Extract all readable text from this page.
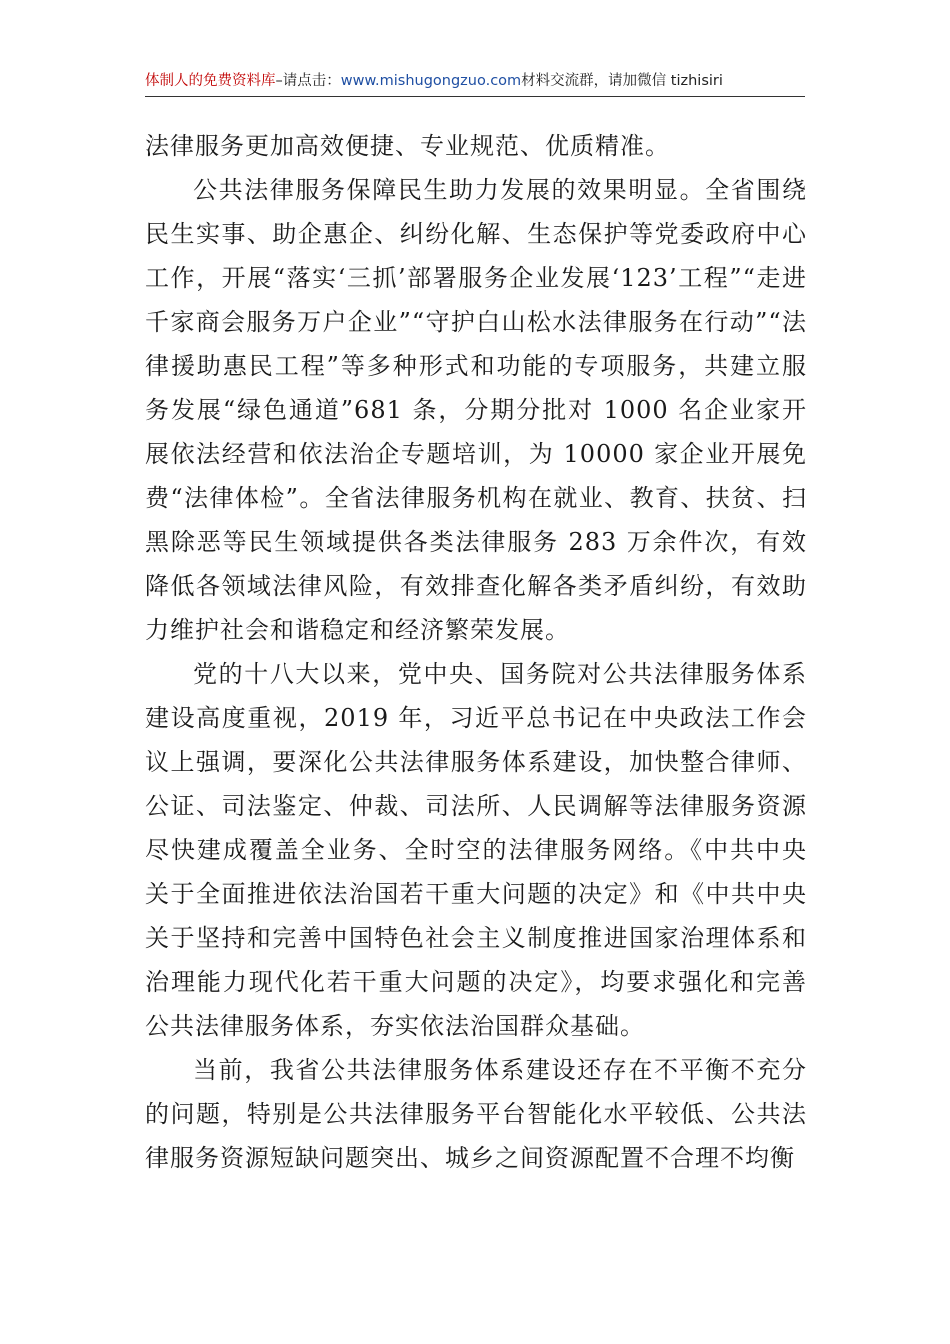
体制人的免费资料库–请点击：www.mishugongzuo.com材料交流群，请加微信 tizhisiri

法律服务更加高效便捷、专业规范、优质精准。

公共法律服务保障民生助力发展的效果明显。全省围绕民生实事、助企惠企、纠纷化解、生态保护等党委政府中心工作，开展“落实‘三抓’部署服务企业发展‘123’工程”“走进千家商会服务万户企业”“守护白山松水法律服务在行动”“法律援助惠民工程”等多种形式和功能的专项服务，共建立服务发展“绿色通道”681 条，分期分批对 1000 名企业家开展依法经营和依法治企专题培训，为 10000 家企业开展免费“法律体检”。全省法律服务机构在就业、教育、扶贫、扫黑除恶等民生领域提供各类法律服务 283 万余件次，有效降低各领域法律风险，有效排查化解各类矛盾纠纷，有效助力维护社会和谐稳定和经济繁荣发展。

党的十八大以来，党中央、国务院对公共法律服务体系建设高度重视，2019 年，习近平总书记在中央政法工作会议上强调，要深化公共法律服务体系建设，加快整合律师、公证、司法鉴定、仲裁、司法所、人民调解等法律服务资源尽快建成覆盖全业务、全时空的法律服务网络。《中共中央关于全面推进依法治国若干重大问题的决定》和《中共中央关于坚持和完善中国特色社会主义制度推进国家治理体系和治理能力现代化若干重大问题的决定》，均要求强化和完善公共法律服务体系，夯实依法治国群众基础。

当前，我省公共法律服务体系建设还存在不平衡不充分的问题，特别是公共法律服务平台智能化水平较低、公共法律服务资源短缺问题突出、城乡之间资源配置不合理不均衡
